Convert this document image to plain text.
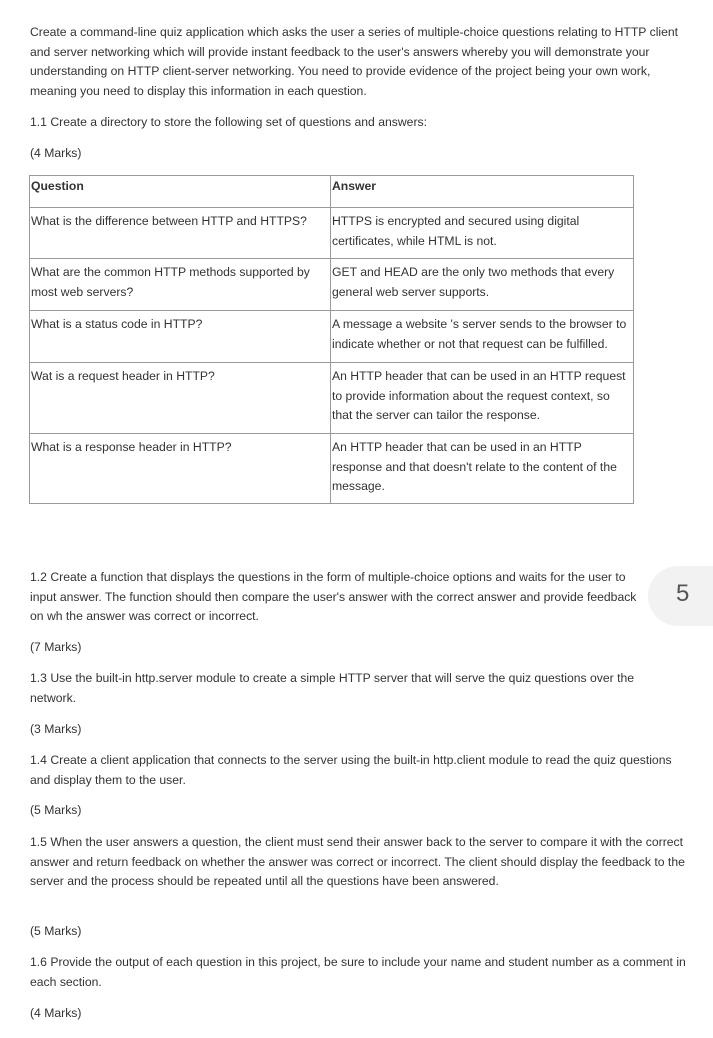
Create a command-line quiz application which asks the user a series of multiple-choice questions relating to HTTP client and server networking which will provide instant feedback to the user's answers whereby you will demonstrate your understanding on HTTP client-server networking. You need to provide evidence of the project being your own work, meaning you need to display this information in each question.

1.1 Create a directory to store the following set of questions and answers:

(4 Marks)

Question	Answer
What is the difference between HTTP and HTTPS?	HTTPS is encrypted and secured using digital certificates, while HTML is not.
What are the common HTTP methods supported by most web servers?	GET and HEAD are the only two methods that every general web server supports.
What is a status code in HTTP?	A message a website 's server sends to the browser to indicate whether or not that request can be fulfilled.
Wat is a request header in HTTP?	An HTTP header that can be used in an HTTP request to provide information about the request context, so that the server can tailor the response.
What is a response header in HTTP?	An HTTP header that can be used in an HTTP response and that doesn't relate to the content of the message.

1.2 Create a function that displays the questions in the form of multiple-choice options and waits for the user to input answer. The function should then compare the user's answer with the correct answer and provide feedback on wh the answer was correct or incorrect.

(7 Marks)

1.3 Use the built-in http.server module to create a simple HTTP server that will serve the quiz questions over the network.

(3 Marks)

1.4 Create a client application that connects to the server using the built-in http.client module to read the quiz questions and display them to the user.

(5 Marks)

1.5 When the user answers a question, the client must send their answer back to the server to compare it with the correct answer and return feedback on whether the answer was correct or incorrect. The client should display the feedback to the server and the process should be repeated until all the questions have been answered.

(5 Marks)

1.6 Provide the output of each question in this project, be sure to include your name and student number as a comment in each section.

(4 Marks)

5
